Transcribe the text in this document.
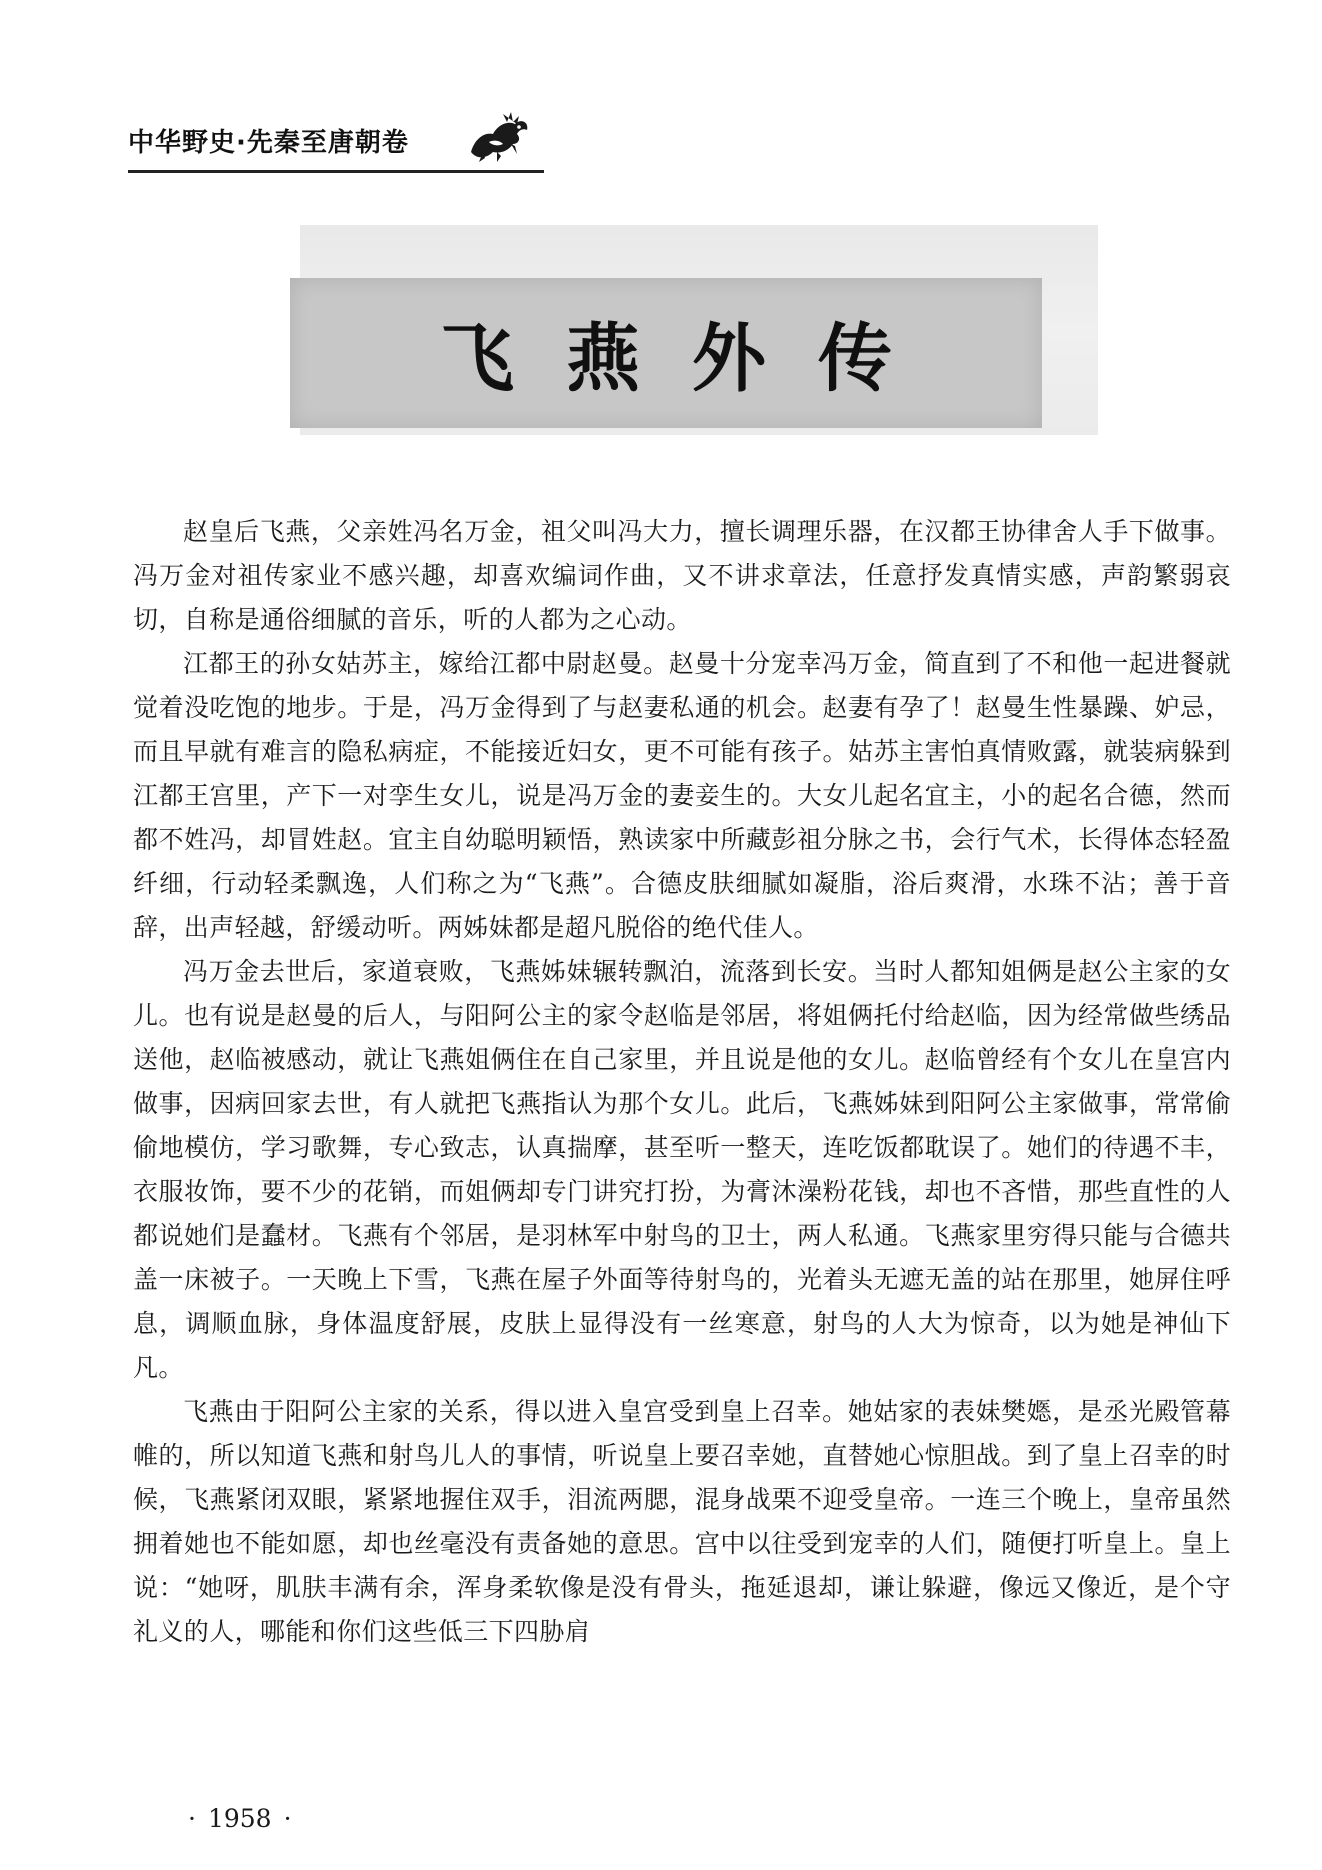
中华野史·先秦至唐朝卷
飞燕外传

赵皇后飞燕，父亲姓冯名万金，祖父叫冯大力，擅长调理乐器，在汉都王协律舍人手下做事。冯万金对祖传家业不感兴趣，却喜欢编词作曲，又不讲求章法，任意抒发真情实感，声韵繁弱哀切，自称是通俗细腻的音乐，听的人都为之心动。

江都王的孙女姑苏主，嫁给江都中尉赵曼。赵曼十分宠幸冯万金，简直到了不和他一起进餐就觉着没吃饱的地步。于是，冯万金得到了与赵妻私通的机会。赵妻有孕了！赵曼生性暴躁、妒忌，而且早就有难言的隐私病症，不能接近妇女，更不可能有孩子。姑苏主害怕真情败露，就装病躲到江都王宫里，产下一对孪生女儿，说是冯万金的妻妾生的。大女儿起名宜主，小的起名合德，然而都不姓冯，却冒姓赵。宜主自幼聪明颖悟，熟读家中所藏彭祖分脉之书，会行气术，长得体态轻盈纤细，行动轻柔飘逸，人们称之为“飞燕”。合德皮肤细腻如凝脂，浴后爽滑，水珠不沾；善于音辞，出声轻越，舒缓动听。两姊妹都是超凡脱俗的绝代佳人。

冯万金去世后，家道衰败，飞燕姊妹辗转飘泊，流落到长安。当时人都知姐俩是赵公主家的女儿。也有说是赵曼的后人，与阳阿公主的家令赵临是邻居，将姐俩托付给赵临，因为经常做些绣品送他，赵临被感动，就让飞燕姐俩住在自己家里，并且说是他的女儿。赵临曾经有个女儿在皇宫内做事，因病回家去世，有人就把飞燕指认为那个女儿。此后，飞燕姊妹到阳阿公主家做事，常常偷偷地模仿，学习歌舞，专心致志，认真揣摩，甚至听一整天，连吃饭都耽误了。她们的待遇不丰，衣服妆饰，要不少的花销，而姐俩却专门讲究打扮，为膏沐澡粉花钱，却也不吝惜，那些直性的人都说她们是蠢材。飞燕有个邻居，是羽林军中射鸟的卫士，两人私通。飞燕家里穷得只能与合德共盖一床被子。一天晚上下雪，飞燕在屋子外面等待射鸟的，光着头无遮无盖的站在那里，她屏住呼息，调顺血脉，身体温度舒展，皮肤上显得没有一丝寒意，射鸟的人大为惊奇，以为她是神仙下凡。

飞燕由于阳阿公主家的关系，得以进入皇宫受到皇上召幸。她姑家的表妹樊嫕，是丞光殿管幕帷的，所以知道飞燕和射鸟儿人的事情，听说皇上要召幸她，直替她心惊胆战。到了皇上召幸的时候，飞燕紧闭双眼，紧紧地握住双手，泪流两腮，混身战栗不迎受皇帝。一连三个晚上，皇帝虽然拥着她也不能如愿，却也丝毫没有责备她的意思。宫中以往受到宠幸的人们，随便打听皇上。皇上说：“她呀，肌肤丰满有余，浑身柔软像是没有骨头，拖延退却，谦让躲避，像远又像近，是个守礼义的人，哪能和你们这些低三下四胁肩

· 1958 ·
